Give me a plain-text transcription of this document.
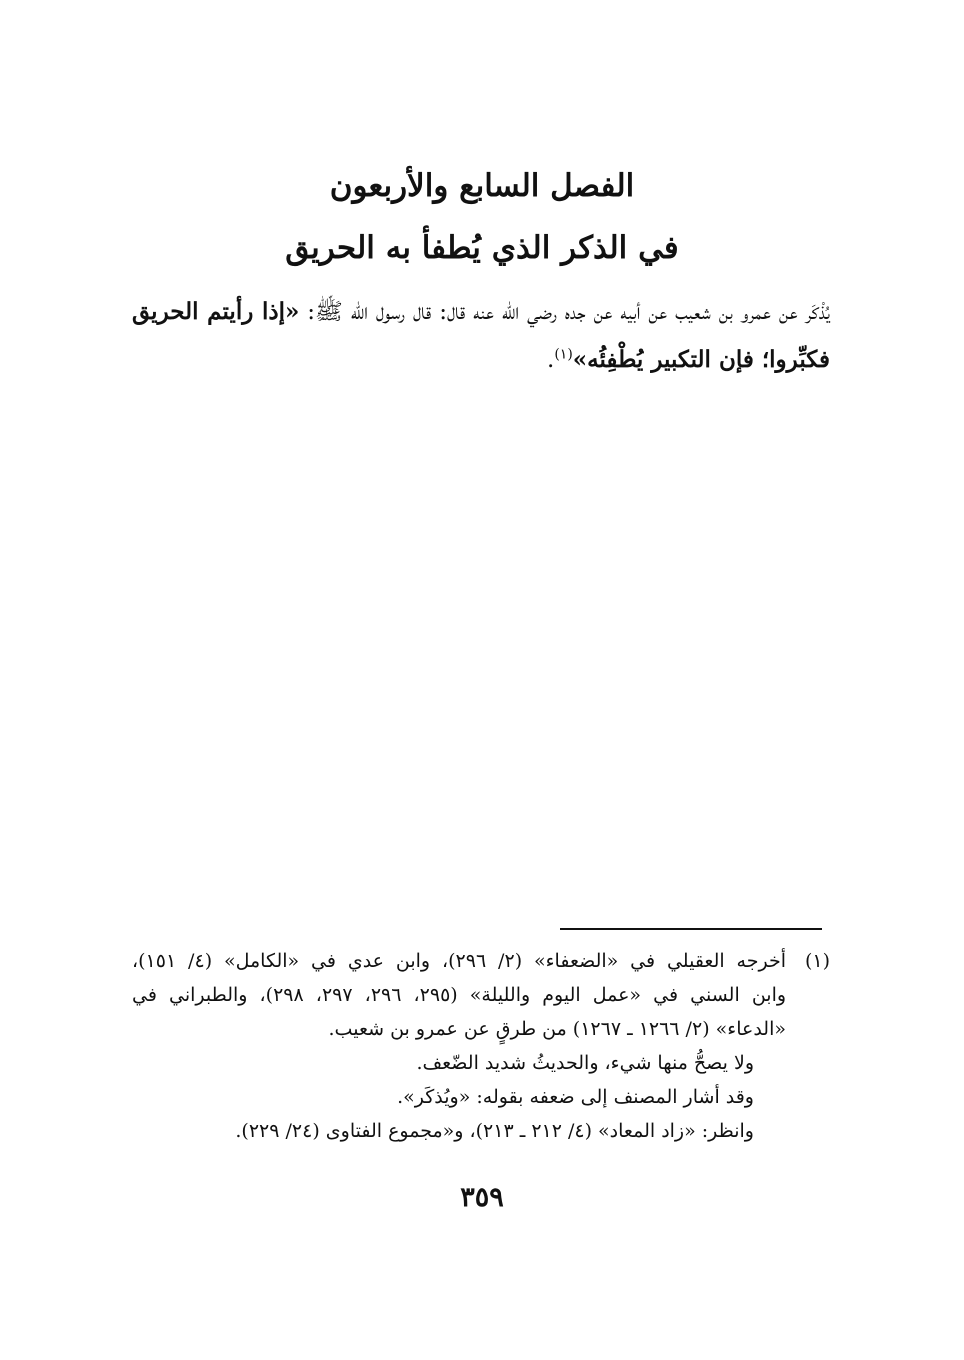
الفصل السابع والأربعون
في الذكر الذي يُطفأ به الحريق

يُذْكَر عن عمرو بن شعيب عن أبيه عن جده رضي الله عنه قال: قال رسول الله ﷺ: «إذا رأيتم الحريق فكبِّروا؛ فإن التكبير يُطْفِئُه»$^{(١)}$.

(١)أخرجه العقيلي في «الضعفاء» (٢/ ٢٩٦)، وابن عدي في «الكامل» (٤/ ١٥١)،
وابن السني في «عمل اليوم والليلة» (٢٩٥، ٢٩٦، ٢٩٧، ٢٩٨)، والطبراني في
«الدعاء» (٢/ ١٢٦٦ ـ ١٢٦٧) من طرقٍ عن عمرو بن شعيب.
ولا يصحُّ منها شيء، والحديثُ شديد الضّعف.
وقد أشار المصنف إلى ضعفه بقوله: «ويُذكَر».
وانظر: «زاد المعاد» (٤/ ٢١٢ ـ ٢١٣)، و«مجموع الفتاوى (٢٤/ ٢٢٩).
٣٥٩
